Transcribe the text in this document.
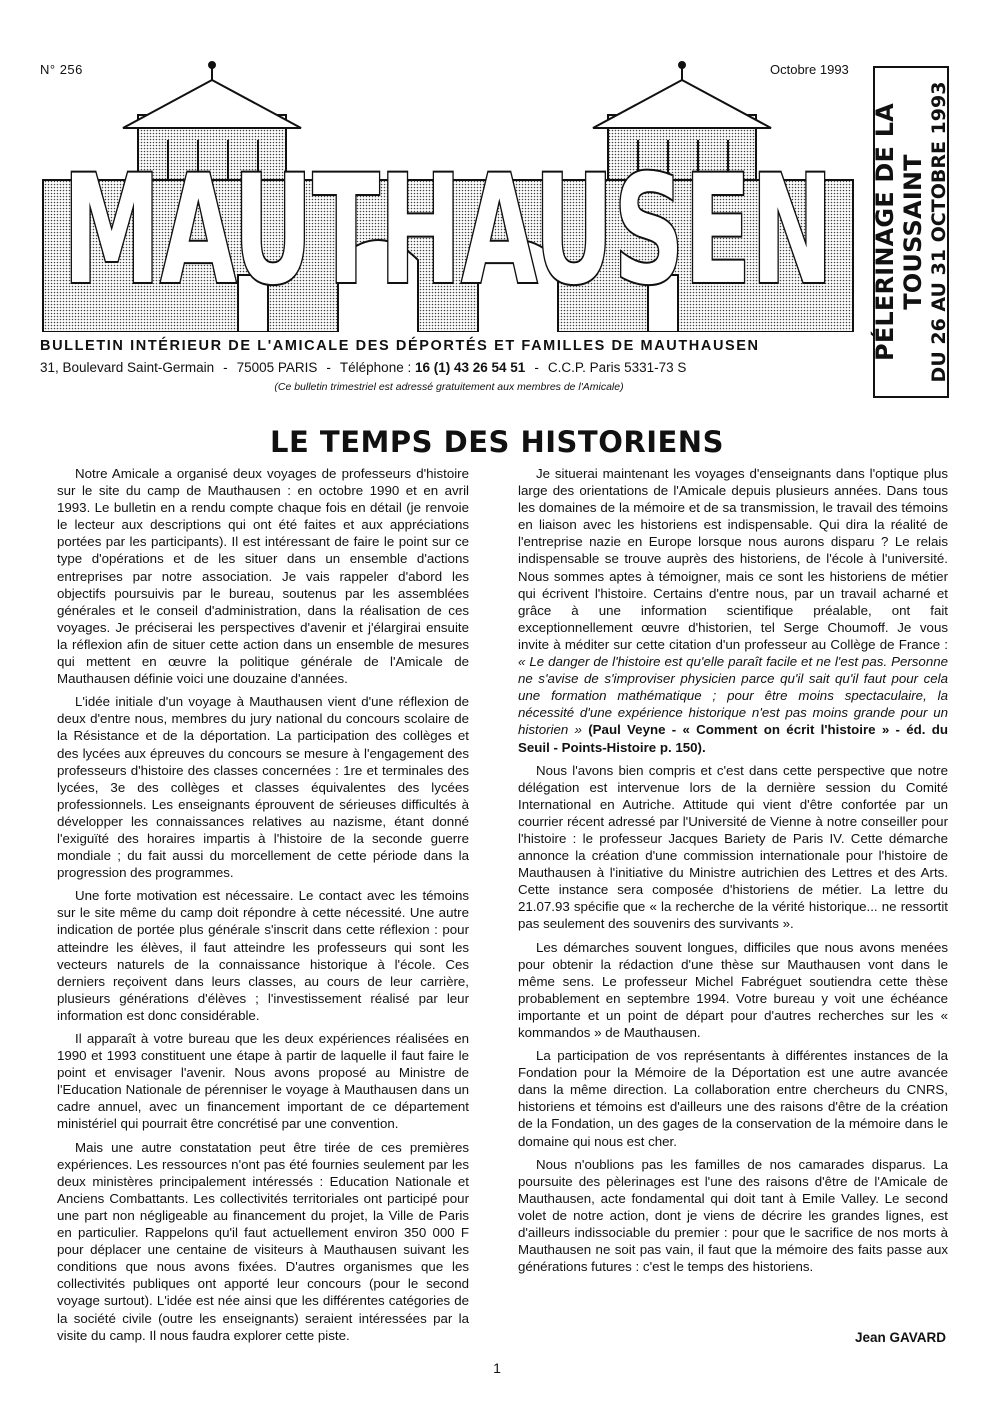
N° 256	Octobre 1993
MAUTHAUSEN
BULLETIN INTÉRIEUR DE L'AMICALE DES DÉPORTÉS ET FAMILLES DE MAUTHAUSEN
31, Boulevard Saint-Germain - 75005 PARIS - Téléphone : 16 (1) 43 26 54 51 - C.C.P. Paris 5331-73 S
(Ce bulletin trimestriel est adressé gratuitement aux membres de l'Amicale)
PÉLERINAGE DE LA TOUSSAINT DU 26 AU 31 OCTOBRE 1993
LE TEMPS DES HISTORIENS

Notre Amicale a organisé deux voyages de professeurs d'histoire sur le site du camp de Mauthausen : en octobre 1990 et en avril 1993. Le bulletin en a rendu compte chaque fois en détail (je renvoie le lecteur aux descriptions qui ont été faites et aux appréciations portées par les participants). Il est intéressant de faire le point sur ce type d'opérations et de les situer dans un ensemble d'actions entreprises par notre association. Je vais rappeler d'abord les objectifs poursuivis par le bureau, soutenus par les assemblées générales et le conseil d'administration, dans la réalisation de ces voyages. Je préciserai les perspectives d'avenir et j'élargirai ensuite la réflexion afin de situer cette action dans un ensemble de mesures qui mettent en œuvre la politique générale de l'Amicale de Mauthausen définie voici une douzaine d'années.

L'idée initiale d'un voyage à Mauthausen vient d'une réflexion de deux d'entre nous, membres du jury national du concours scolaire de la Résistance et de la déportation. La participation des collèges et des lycées aux épreuves du concours se mesure à l'engagement des professeurs d'histoire des classes concernées : 1re et terminales des lycées, 3e des collèges et classes équivalentes des lycées professionnels. Les enseignants éprouvent de sérieuses difficultés à développer les connaissances relatives au nazisme, étant donné l'exiguïté des horaires impartis à l'histoire de la seconde guerre mondiale ; du fait aussi du morcellement de cette période dans la progression des programmes.

Une forte motivation est nécessaire. Le contact avec les témoins sur le site même du camp doit répondre à cette nécessité. Une autre indication de portée plus générale s'inscrit dans cette réflexion : pour atteindre les élèves, il faut atteindre les professeurs qui sont les vecteurs naturels de la connaissance historique à l'école. Ces derniers reçoivent dans leurs classes, au cours de leur carrière, plusieurs générations d'élèves ; l'investissement réalisé par leur information est donc considérable.

Il apparaît à votre bureau que les deux expériences réalisées en 1990 et 1993 constituent une étape à partir de laquelle il faut faire le point et envisager l'avenir. Nous avons proposé au Ministre de l'Education Nationale de pérenniser le voyage à Mauthausen dans un cadre annuel, avec un financement important de ce département ministériel qui pourrait être concrétisé par une convention.

Mais une autre constatation peut être tirée de ces premières expériences. Les ressources n'ont pas été fournies seulement par les deux ministères principalement intéressés : Education Nationale et Anciens Combattants. Les collectivités territoriales ont participé pour une part non négligeable au financement du projet, la Ville de Paris en particulier. Rappelons qu'il faut actuellement environ 350 000 F pour déplacer une centaine de visiteurs à Mauthausen suivant les conditions que nous avons fixées. D'autres organismes que les collectivités publiques ont apporté leur concours (pour le second voyage surtout). L'idée est née ainsi que les différentes catégories de la société civile (outre les enseignants) seraient intéressées par la visite du camp. Il nous faudra explorer cette piste.

Je situerai maintenant les voyages d'enseignants dans l'optique plus large des orientations de l'Amicale depuis plusieurs années. Dans tous les domaines de la mémoire et de sa transmission, le travail des témoins en liaison avec les historiens est indispensable. Qui dira la réalité de l'entreprise nazie en Europe lorsque nous aurons disparu ? Le relais indispensable se trouve auprès des historiens, de l'école à l'université. Nous sommes aptes à témoigner, mais ce sont les historiens de métier qui écrivent l'histoire. Certains d'entre nous, par un travail acharné et grâce à une information scientifique préalable, ont fait exceptionnellement œuvre d'historien, tel Serge Choumoff. Je vous invite à méditer sur cette citation d'un professeur au Collège de France : « Le danger de l'histoire est qu'elle paraît facile et ne l'est pas. Personne ne s'avise de s'improviser physicien parce qu'il sait qu'il faut pour cela une formation mathématique ; pour être moins spectaculaire, la nécessité d'une expérience historique n'est pas moins grande pour un historien » (Paul Veyne - « Comment on écrit l'histoire » - éd. du Seuil - Points-Histoire p. 150).

Nous l'avons bien compris et c'est dans cette perspective que notre délégation est intervenue lors de la dernière session du Comité International en Autriche. Attitude qui vient d'être confortée par un courrier récent adressé par l'Université de Vienne à notre conseiller pour l'histoire : le professeur Jacques Bariety de Paris IV. Cette démarche annonce la création d'une commission internationale pour l'histoire de Mauthausen à l'initiative du Ministre autrichien des Lettres et des Arts. Cette instance sera composée d'historiens de métier. La lettre du 21.07.93 spécifie que « la recherche de la vérité historique... ne ressortit pas seulement des souvenirs des survivants ».

Les démarches souvent longues, difficiles que nous avons menées pour obtenir la rédaction d'une thèse sur Mauthausen vont dans le même sens. Le professeur Michel Fabréguet soutiendra cette thèse probablement en septembre 1994. Votre bureau y voit une échéance importante et un point de départ pour d'autres recherches sur les « kommandos » de Mauthausen.

La participation de vos représentants à différentes instances de la Fondation pour la Mémoire de la Déportation est une autre avancée dans la même direction. La collaboration entre chercheurs du CNRS, historiens et témoins est d'ailleurs une des raisons d'être de la création de la Fondation, un des gages de la conservation de la mémoire dans le domaine qui nous est cher.

Nous n'oublions pas les familles de nos camarades disparus. La poursuite des pèlerinages est l'une des raisons d'être de l'Amicale de Mauthausen, acte fondamental qui doit tant à Emile Valley. Le second volet de notre action, dont je viens de décrire les grandes lignes, est d'ailleurs indissociable du premier : pour que le sacrifice de nos morts à Mauthausen ne soit pas vain, il faut que la mémoire des faits passe aux générations futures : c'est le temps des historiens.

Jean GAVARD
1
